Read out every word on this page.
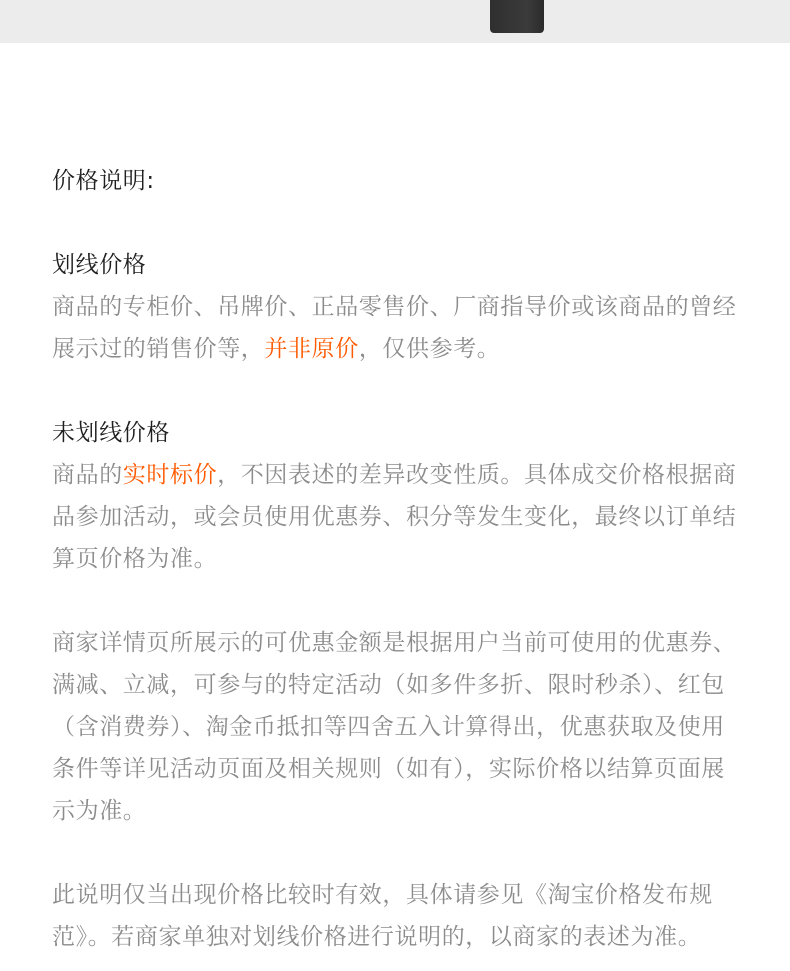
价格说明:

划线价格

商品的专柜价、吊牌价、正品零售价、厂商指导价或该商品的曾经展示过的销售价等，并非原价，仅供参考。

未划线价格

商品的实时标价，不因表述的差异改变性质。具体成交价格根据商品参加活动，或会员使用优惠券、积分等发生变化，最终以订单结算页价格为准。

商家详情页所展示的可优惠金额是根据用户当前可使用的优惠券、满减、立减，可参与的特定活动（如多件多折、限时秒杀）、红包（含消费券）、淘金币抵扣等四舍五入计算得出，优惠获取及使用条件等详见活动页面及相关规则（如有），实际价格以结算页面展示为准。

此说明仅当出现价格比较时有效，具体请参见《淘宝价格发布规范》。若商家单独对划线价格进行说明的，以商家的表述为准。
